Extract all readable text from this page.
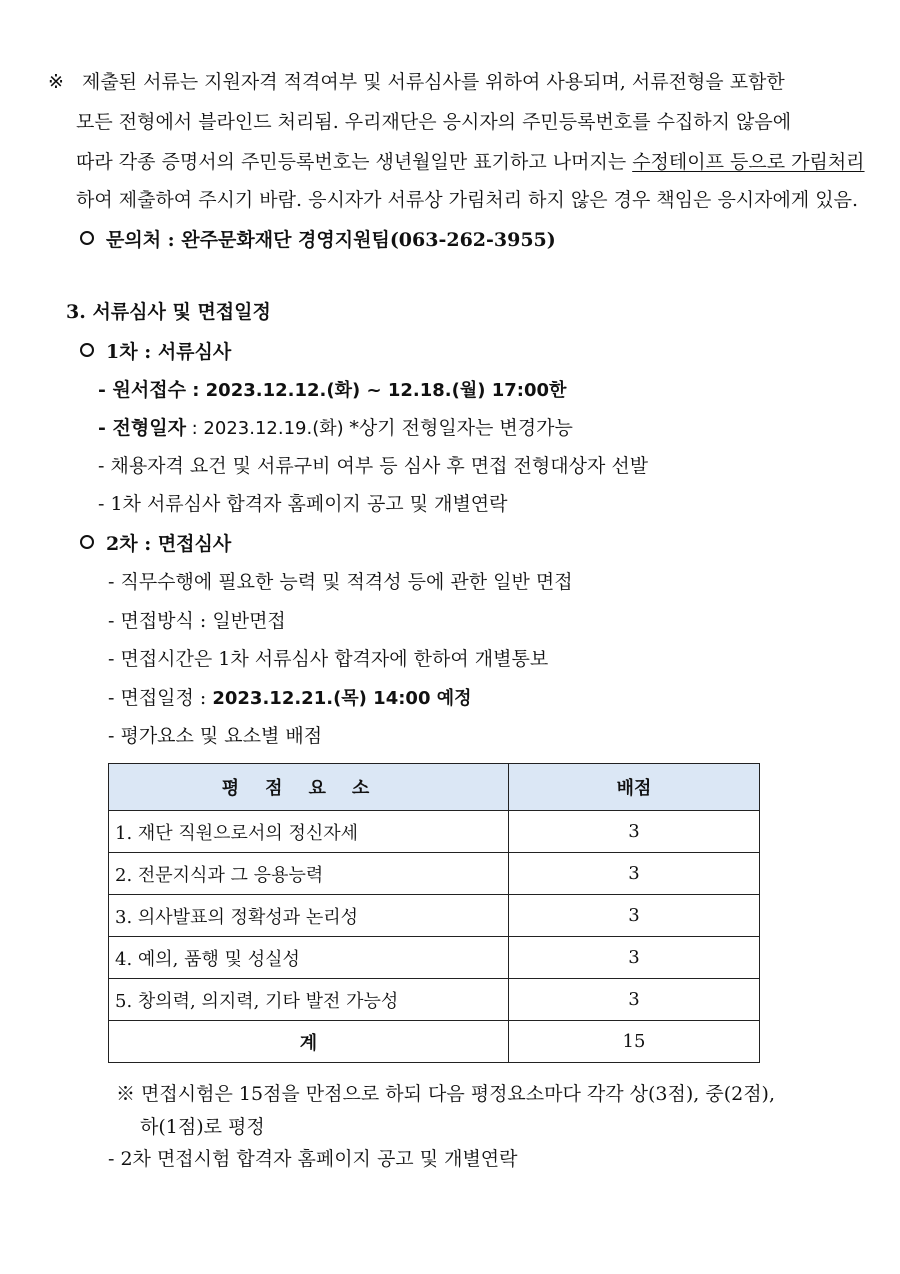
※ 제출된 서류는 지원자격 적격여부 및 서류심사를 위하여 사용되며, 서류전형을 포함한
모든 전형에서 블라인드 처리됨. 우리재단은 응시자의 주민등록번호를 수집하지 않음에
따라 각종 증명서의 주민등록번호는 생년월일만 표기하고 나머지는 수정테이프 등으로 가림처리
하여 제출하여 주시기 바람. 응시자가 서류상 가림처리 하지 않은 경우 책임은 응시자에게 있음.
문의처 : 완주문화재단 경영지원팀(063-262-3955)
3. 서류심사 및 면접일정
1차 : 서류심사
- 원서접수 : 2023.12.12.(화) ~ 12.18.(월) 17:00한
- 전형일자 : 2023.12.19.(화) *상기 전형일자는 변경가능
- 채용자격 요건 및 서류구비 여부 등 심사 후 면접 전형대상자 선발
- 1차 서류심사 합격자 홈페이지 공고 및 개별연락
2차 : 면접심사
- 직무수행에 필요한 능력 및 적격성 등에 관한 일반 면접
- 면접방식 : 일반면접
- 면접시간은 1차 서류심사 합격자에 한하여 개별통보
- 면접일정 : 2023.12.21.(목) 14:00 예정
- 평가요소 및 요소별 배점
평점요소	배점
1. 재단 직원으로서의 정신자세	3
2. 전문지식과 그 응용능력	3
3. 의사발표의 정확성과 논리성	3
4. 예의, 품행 및 성실성	3
5. 창의력, 의지력, 기타 발전 가능성	3
계	15
※ 면접시험은 15점을 만점으로 하되 다음 평정요소마다 각각 상(3점), 중(2점),
하(1점)로 평정
- 2차 면접시험 합격자 홈페이지 공고 및 개별연락
